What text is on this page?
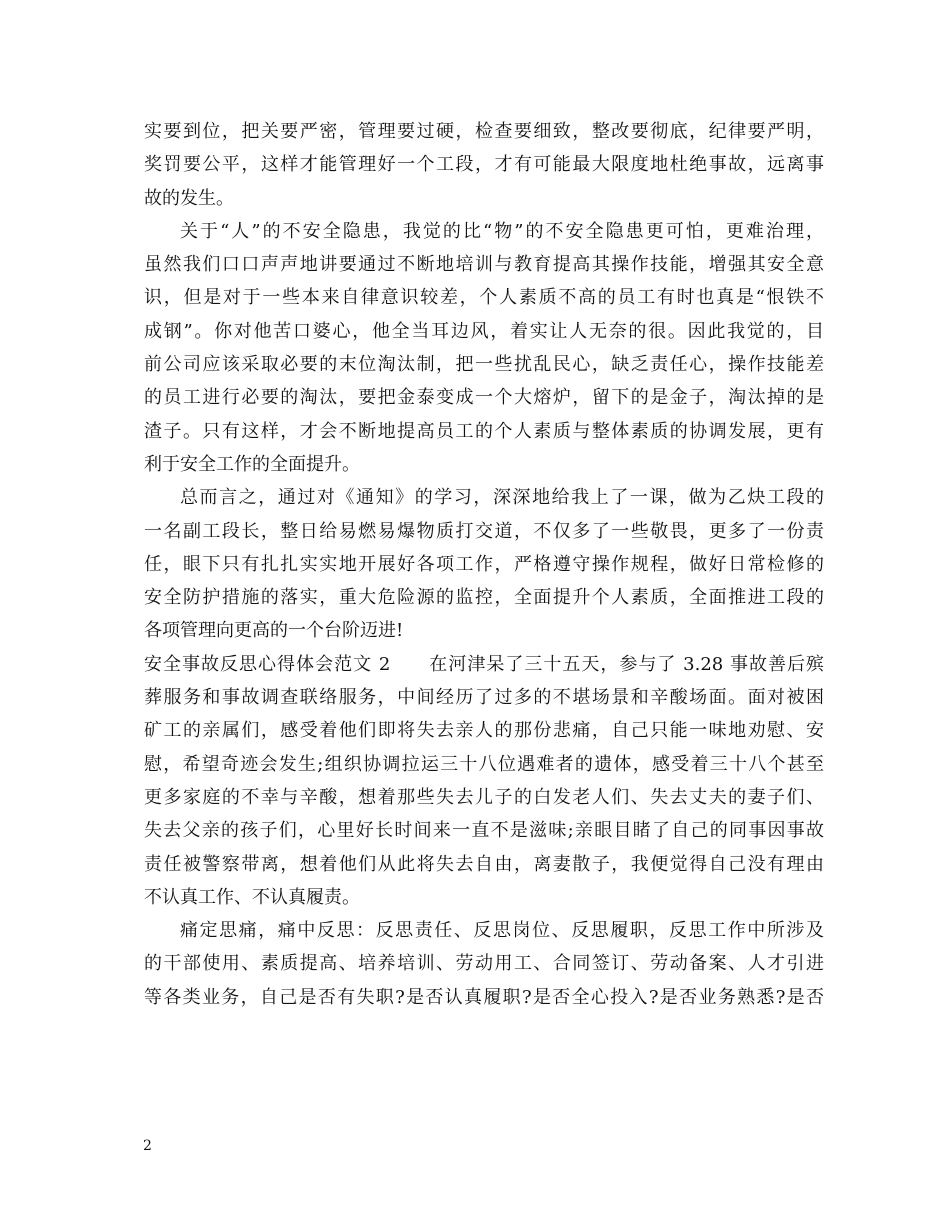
实要到位，把关要严密，管理要过硬，检查要细致，整改要彻底，纪律要严明，
奖罚要公平，这样才能管理好一个工段，才有可能最大限度地杜绝事故，远离事
故的发生。
关于“人”的不安全隐患，我觉的比“物”的不安全隐患更可怕，更难治理，
虽然我们口口声声地讲要通过不断地培训与教育提高其操作技能，增强其安全意
识，但是对于一些本来自律意识较差，个人素质不高的员工有时也真是“恨铁不
成钢”。你对他苦口婆心，他全当耳边风，着实让人无奈的很。因此我觉的，目
前公司应该采取必要的末位淘汰制，把一些扰乱民心，缺乏责任心，操作技能差
的员工进行必要的淘汰，要把金泰变成一个大熔炉，留下的是金子，淘汰掉的是
渣子。只有这样，才会不断地提高员工的个人素质与整体素质的协调发展，更有
利于安全工作的全面提升。
总而言之，通过对《通知》的学习，深深地给我上了一课，做为乙炔工段的
一名副工段长，整日给易燃易爆物质打交道，不仅多了一些敬畏，更多了一份责
任，眼下只有扎扎实实地开展好各项工作，严格遵守操作规程，做好日常检修的
安全防护措施的落实，重大危险源的监控，全面提升个人素质，全面推进工段的
各项管理向更高的一个台阶迈进!
安全事故反思心得体会范文 2　　在河津呆了三十五天，参与了 3.28 事故善后殡
葬服务和事故调查联络服务，中间经历了过多的不堪场景和辛酸场面。面对被困
矿工的亲属们，感受着他们即将失去亲人的那份悲痛，自己只能一味地劝慰、安
慰，希望奇迹会发生;组织协调拉运三十八位遇难者的遗体，感受着三十八个甚至
更多家庭的不幸与辛酸，想着那些失去儿子的白发老人们、失去丈夫的妻子们、
失去父亲的孩子们，心里好长时间来一直不是滋味;亲眼目睹了自己的同事因事故
责任被警察带离，想着他们从此将失去自由，离妻散子，我便觉得自己没有理由
不认真工作、不认真履责。
痛定思痛，痛中反思：反思责任、反思岗位、反思履职，反思工作中所涉及
的干部使用、素质提高、培养培训、劳动用工、合同签订、劳动备案、人才引进
等各类业务，自己是否有失职?是否认真履职?是否全心投入?是否业务熟悉?是否
2
